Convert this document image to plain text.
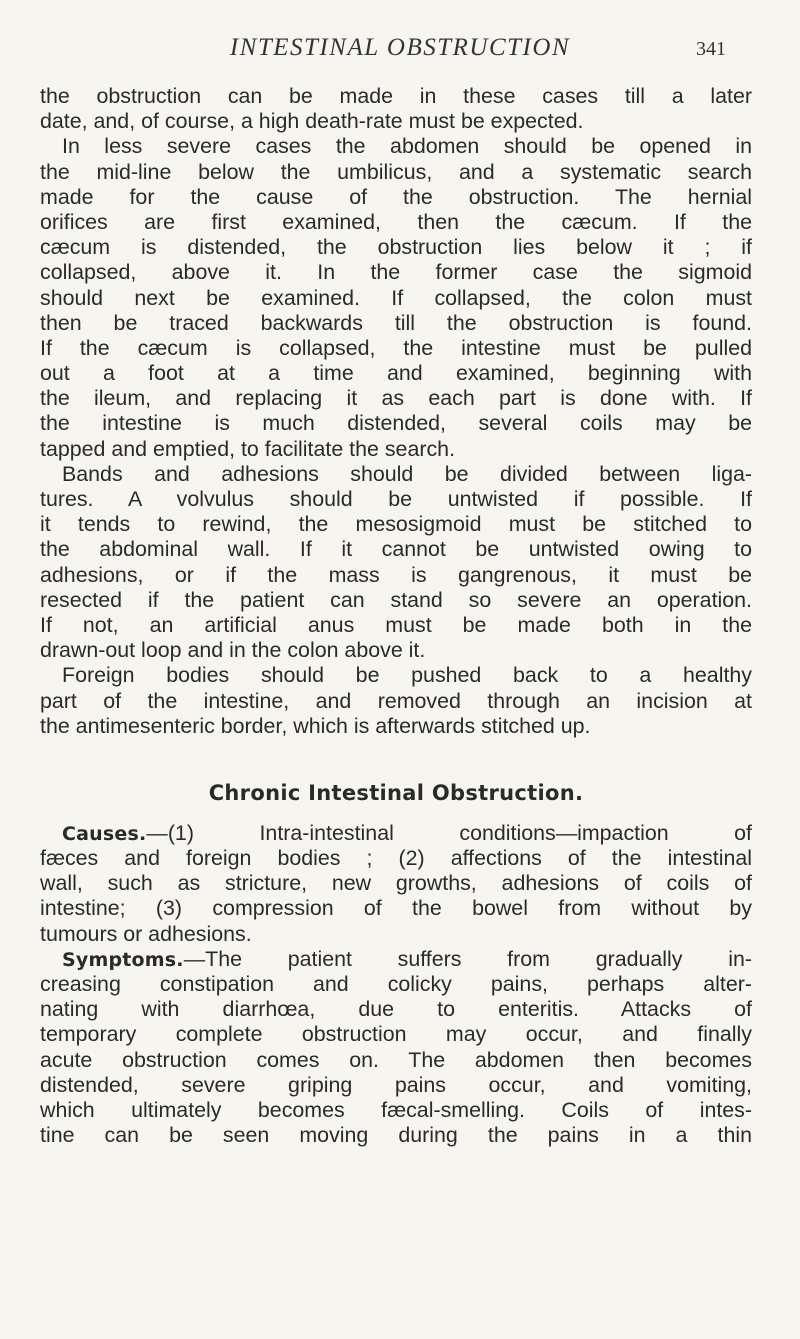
INTESTINAL OBSTRUCTION	341
the obstruction can be made in these cases till a later
date, and, of course, a high death-rate must be expected.
In less severe cases the abdomen should be opened in
the mid-line below the umbilicus, and a systematic search
made for the cause of the obstruction. The hernial
orifices are first examined, then the cæcum. If the
cæcum is distended, the obstruction lies below it ; if
collapsed, above it. In the former case the sigmoid
should next be examined. If collapsed, the colon must
then be traced backwards till the obstruction is found.
If the cæcum is collapsed, the intestine must be pulled
out a foot at a time and examined, beginning with
the ileum, and replacing it as each part is done with. If
the intestine is much distended, several coils may be
tapped and emptied, to facilitate the search.
Bands and adhesions should be divided between liga-
tures. A volvulus should be untwisted if possible. If
it tends to rewind, the mesosigmoid must be stitched to
the abdominal wall. If it cannot be untwisted owing to
adhesions, or if the mass is gangrenous, it must be
resected if the patient can stand so severe an operation.
If not, an artificial anus must be made both in the
drawn-out loop and in the colon above it.
Foreign bodies should be pushed back to a healthy
part of the intestine, and removed through an incision at
the antimesenteric border, which is afterwards stitched up.
Chronic Intestinal Obstruction.
Causes.—(1) Intra-intestinal conditions—impaction of
fæces and foreign bodies ; (2) affections of the intestinal
wall, such as stricture, new growths, adhesions of coils of
intestine; (3) compression of the bowel from without by
tumours or adhesions.
Symptoms.—The patient suffers from gradually in-
creasing constipation and colicky pains, perhaps alter-
nating with diarrhœa, due to enteritis. Attacks of
temporary complete obstruction may occur, and finally
acute obstruction comes on. The abdomen then becomes
distended, severe griping pains occur, and vomiting,
which ultimately becomes fæcal-smelling. Coils of intes-
tine can be seen moving during the pains in a thin
